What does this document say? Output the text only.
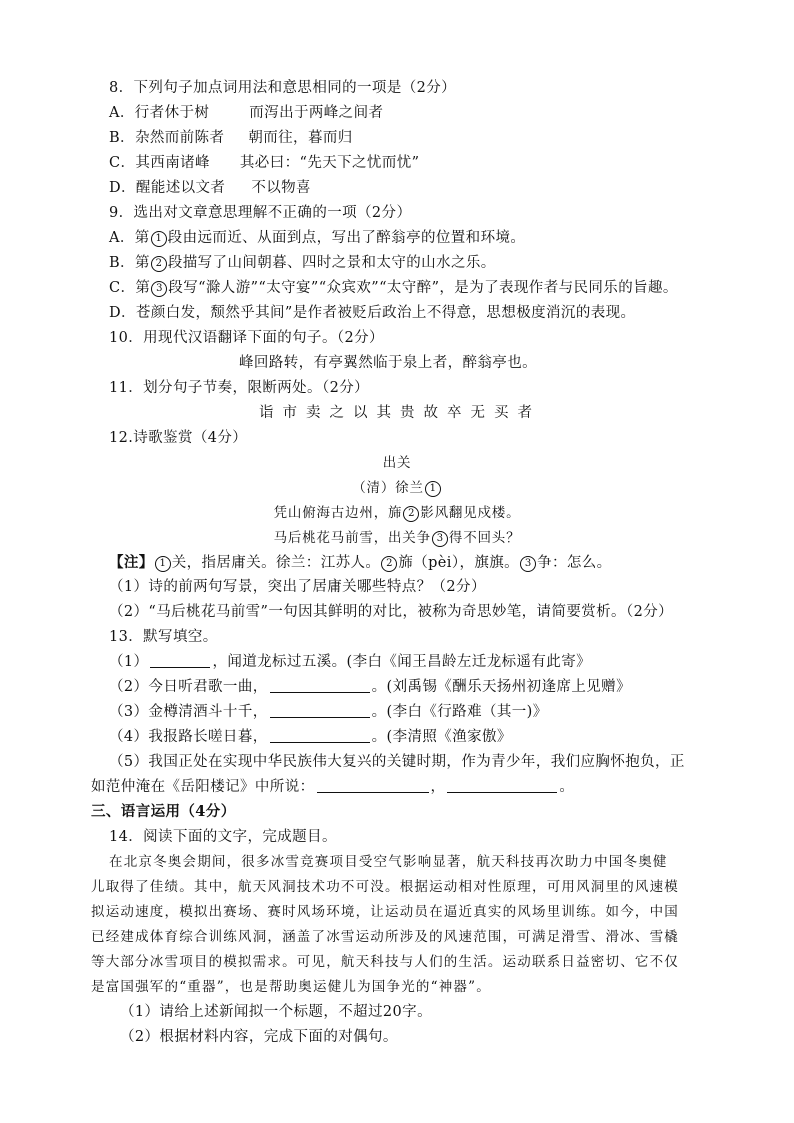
8．下列句子加点词用法和意思相同的一项是（2分）
A．行者休于树	而泻出于两峰之间者
B．杂然而前陈者 朝而往，暮而归
C．其西南诸峰 其必曰：“先天下之忧而忧”
D．醒能述以文者 不以物喜
9．选出对文章意思理解不正确的一项（2分）
A．第 1 段由远而近、从面到点，写出了醉翁亭的位置和环境。
B．第 2 段描写了山间朝暮、四时之景和太守的山水之乐。
C．第 3 段写“滁人游”“太守宴”“众宾欢”“太守醉”，是为了表现作者与民同乐的旨趣。
D．苍颜白发，颓然乎其间”是作者被贬后政治上不得意，思想极度消沉的表现。
10．用现代汉语翻译下面的句子。（2分）
峰回路转，有亭翼然临于泉上者，醉翁亭也。
11．划分句子节奏，限断两处。（2分）
诣市卖之以其贵故卒无买者
12.诗歌鉴赏（4分）
出关
（清）徐兰 1
凭山俯海古边州，旆 2 影风翻见戍楼。
马后桃花马前雪，出关争 3 得不回头？
【注】 1 关，指居庸关。徐兰：江苏人。 2 旆（pèi），旗旗。 3 争：怎么。
（1）诗的前两句写景，突出了居庸关哪些特点？（2分）
（2）“马后桃花马前雪”一句因其鲜明的对比，被称为奇思妙笔，请简要赏析。（2分）
13．默写填空。
（1）	，闻道龙标过五溪。(李白《闻王昌龄左迁龙标遥有此寄》
（2）今日听君歌一曲，	。(刘禹锡《酬乐天扬州初逢席上见赠》
（3）金樽清酒斗十千，	。(李白《行路难（其一)》
（4）我报路长嗟日暮，	。(李清照《渔家傲》
（5）我国正处在实现中华民族伟大复兴的关键时期，作为青少年，我们应胸怀抱负，正
如范仲淹在《岳阳楼记》中所说：	，	。
三、语言运用（4分）
14．阅读下面的文字，完成题目。
在北京冬奥会期间，很多冰雪竞赛项目受空气影响显著，航天科技再次助力中国冬奥健
儿取得了佳绩。其中，航天风洞技术功不可没。根据运动相对性原理，可用风洞里的风速模
拟运动速度，模拟出赛场、赛时风场环境，让运动员在逼近真实的风场里训练。如今，中国
已经建成体育综合训练风洞，涵盖了冰雪运动所涉及的风速范围，可满足滑雪、滑冰、雪橇
等大部分冰雪项目的模拟需求。可见，航天科技与人们的生活。运动联系日益密切、它不仅
是富国强军的“重器”，也是帮助奥运健儿为国争光的“神器”。
（1）请给上述新闻拟一个标题，不超过20字。
（2）根据材料内容，完成下面的对偶句。
